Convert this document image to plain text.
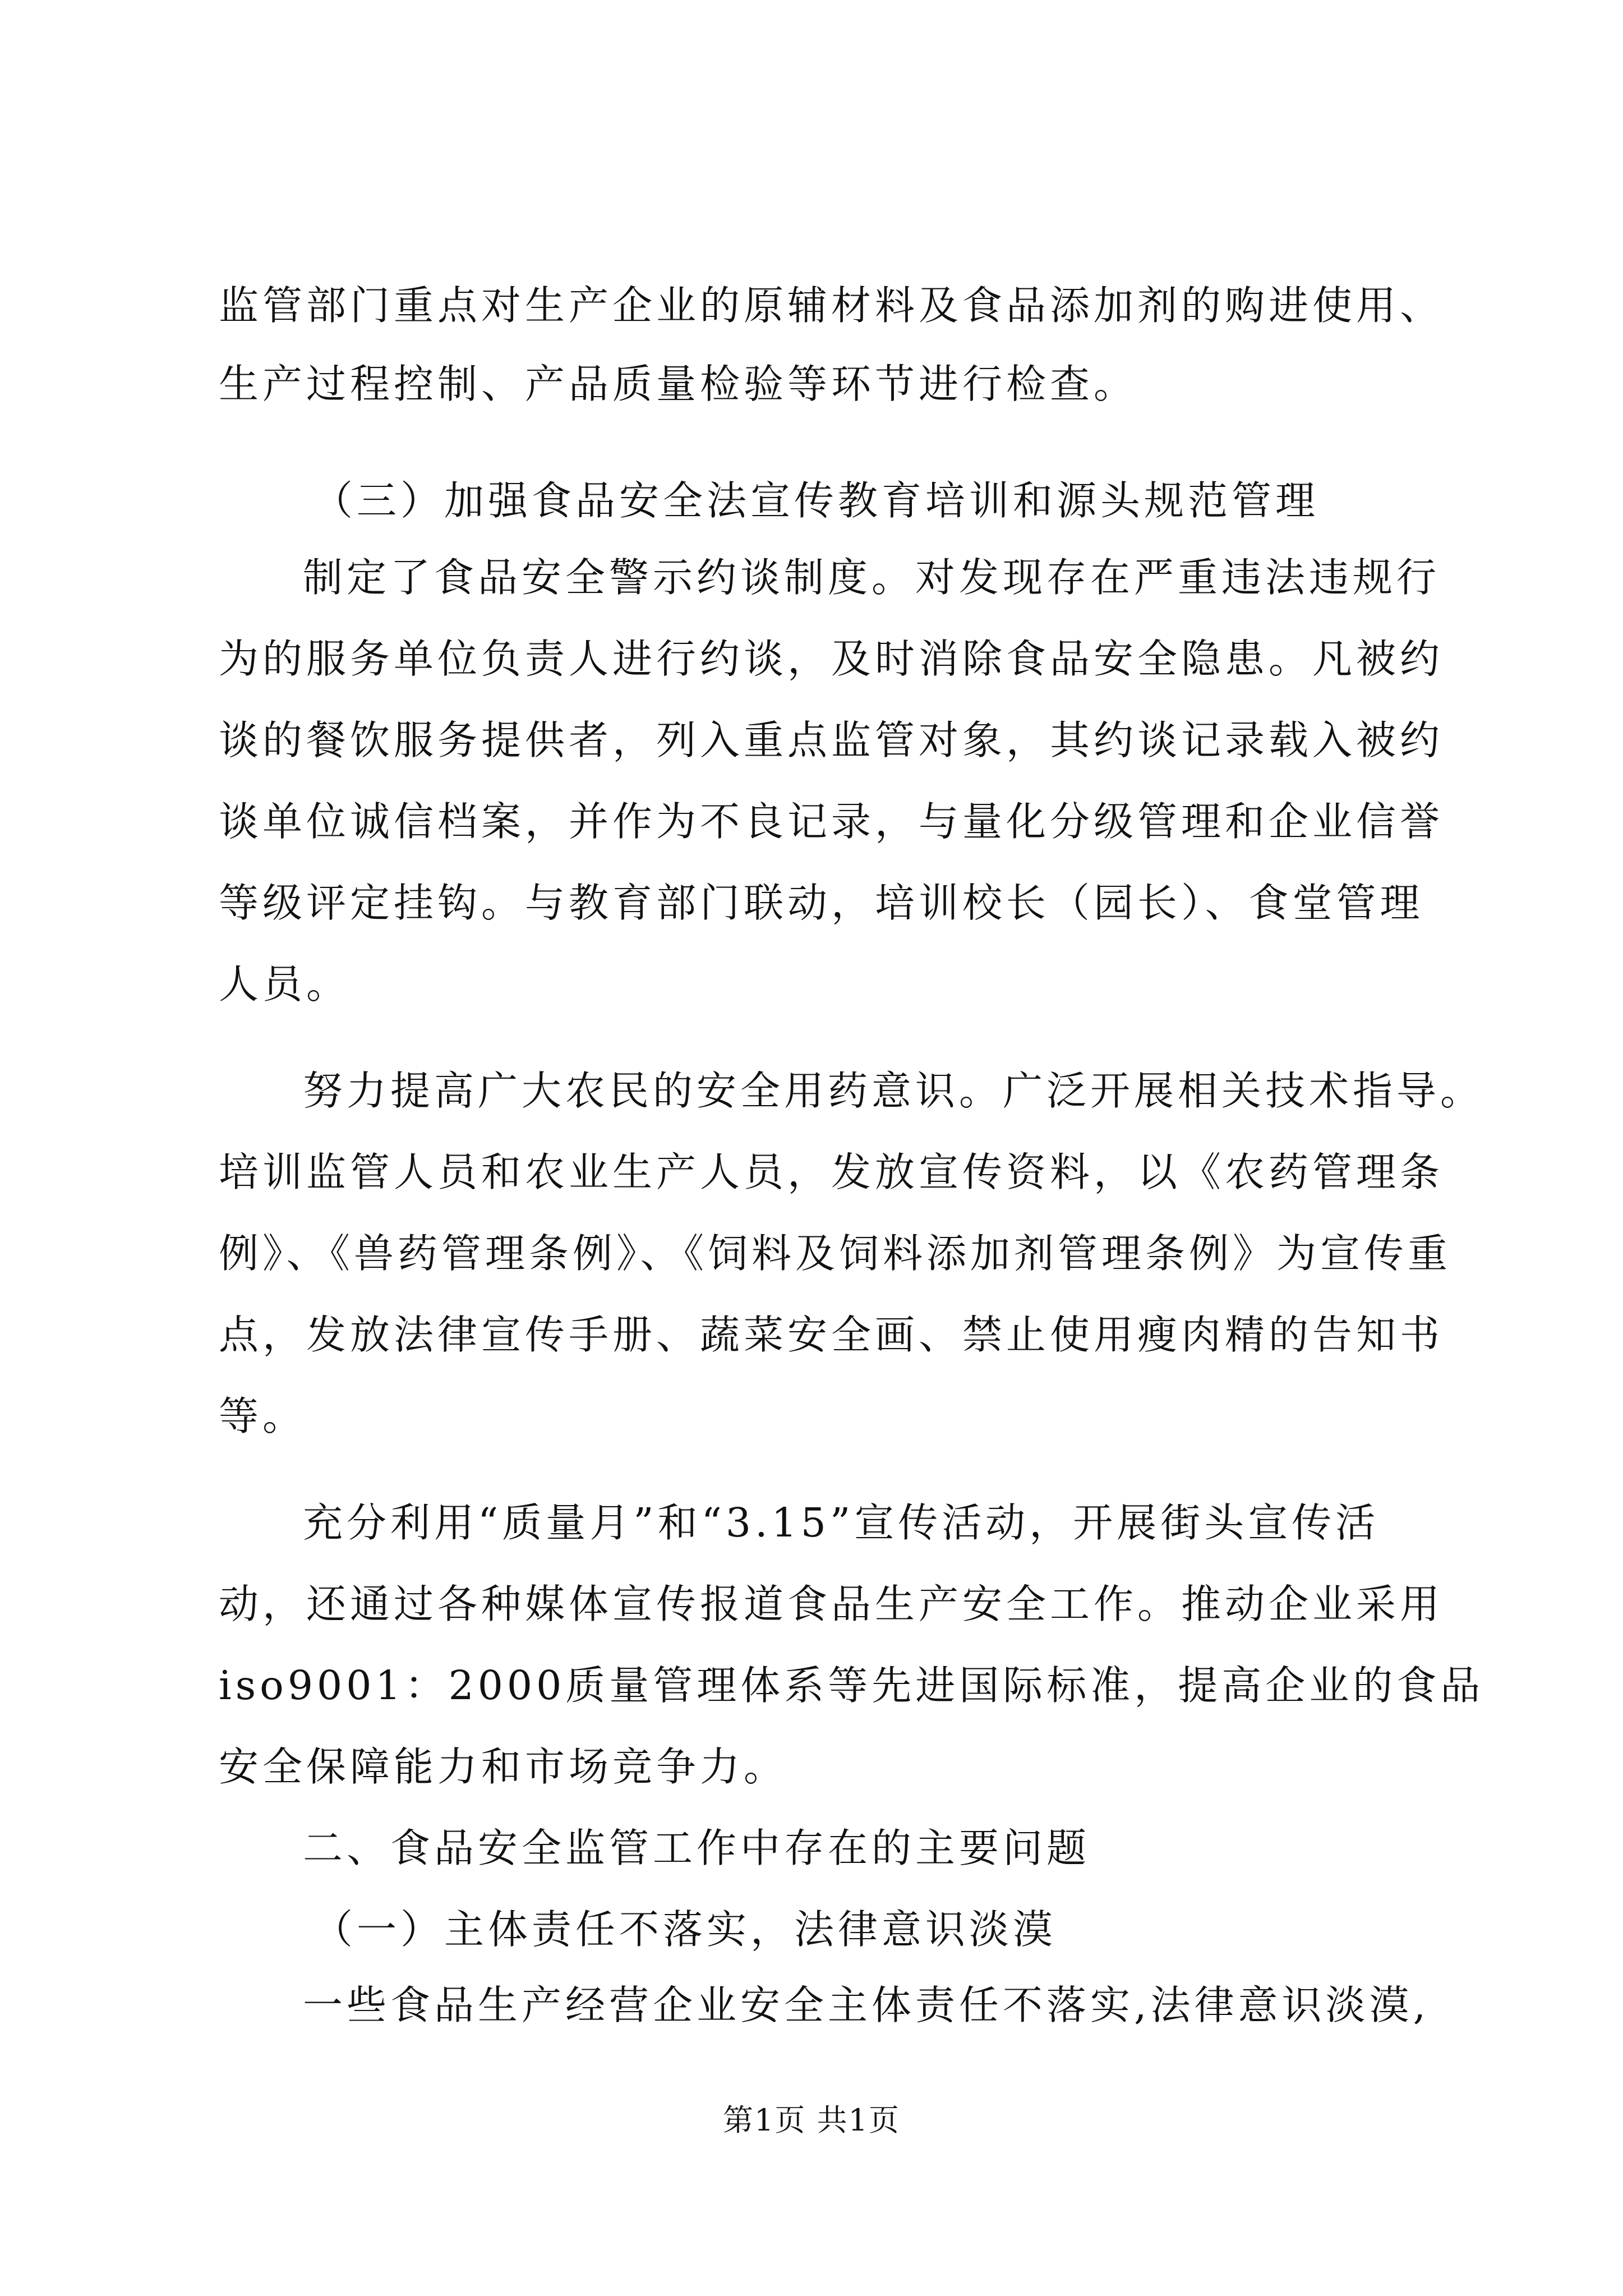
监管部门重点对生产企业的原辅材料及食品添加剂的购进使用、
生产过程控制、产品质量检验等环节进行检查。
（三）加强食品安全法宣传教育培训和源头规范管理
制定了食品安全警示约谈制度。对发现存在严重违法违规行
为的服务单位负责人进行约谈，及时消除食品安全隐患。凡被约
谈的餐饮服务提供者，列入重点监管对象，其约谈记录载入被约
谈单位诚信档案，并作为不良记录，与量化分级管理和企业信誉
等级评定挂钩。与教育部门联动，培训校长（园长）、食堂管理
人员。
努力提高广大农民的安全用药意识。广泛开展相关技术指导。
培训监管人员和农业生产人员，发放宣传资料，以《农药管理条
例》、《兽药管理条例》、《饲料及饲料添加剂管理条例》为宣传重
点，发放法律宣传手册、蔬菜安全画、禁止使用瘦肉精的告知书
等。
充分利用“质量月”和“3.15”宣传活动，开展街头宣传活
动，还通过各种媒体宣传报道食品生产安全工作。推动企业采用
iso9001：2000质量管理体系等先进国际标准，提高企业的食品
安全保障能力和市场竞争力。
二、食品安全监管工作中存在的主要问题
（一）主体责任不落实，法律意识淡漠
一些食品生产经营企业安全主体责任不落实,法律意识淡漠,
第1页 共1页
